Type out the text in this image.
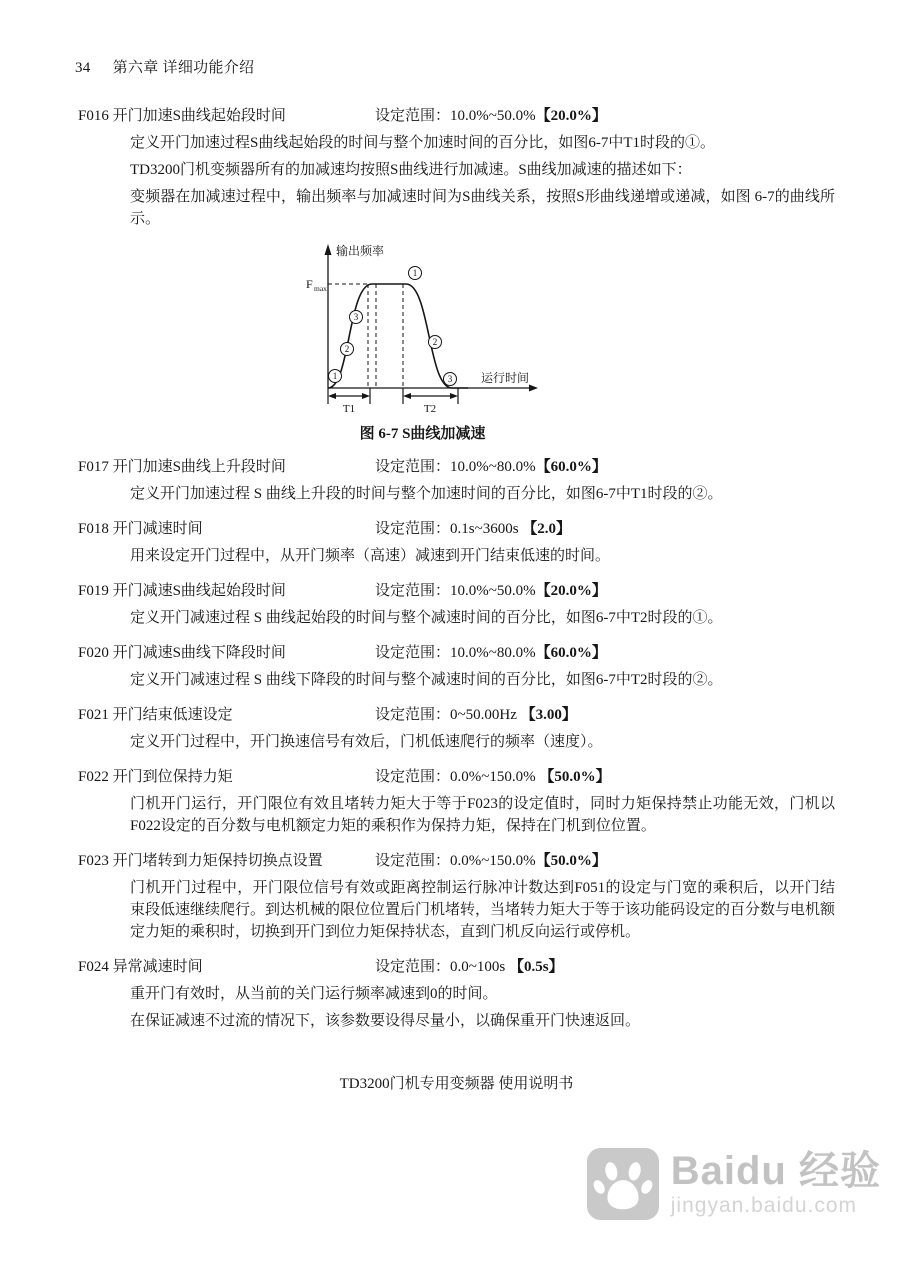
34 第六章 详细功能介绍
F016 开门加速S曲线起始段时间	设定范围：10.0%~50.0%【20.0%】
定义开门加速过程S曲线起始段的时间与整个加速时间的百分比，如图6-7中T1时段的①。
TD3200门机变频器所有的加减速均按照S曲线进行加减速。S曲线加减速的描述如下：
变频器在加减速过程中，输出频率与加减速时间为S曲线关系，按照S形曲线递增或递减，如图 6-7的曲线所示。
输出频率
运行时间
F max
1
2
3
1
2
3
T1	T2
图 6-7 S曲线加减速
F017 开门加速S曲线上升段时间	设定范围：10.0%~80.0%【60.0%】
定义开门加速过程 S 曲线上升段的时间与整个加速时间的百分比，如图6-7中T1时段的②。
F018 开门减速时间	设定范围：0.1s~3600s 【2.0】
用来设定开门过程中，从开门频率（高速）减速到开门结束低速的时间。
F019 开门减速S曲线起始段时间	设定范围：10.0%~50.0%【20.0%】
定义开门减速过程 S 曲线起始段的时间与整个减速时间的百分比，如图6-7中T2时段的①。
F020 开门减速S曲线下降段时间	设定范围：10.0%~80.0%【60.0%】
定义开门减速过程 S 曲线下降段的时间与整个减速时间的百分比，如图6-7中T2时段的②。
F021 开门结束低速设定	设定范围：0~50.00Hz 【3.00】
定义开门过程中，开门换速信号有效后，门机低速爬行的频率（速度）。
F022 开门到位保持力矩	设定范围：0.0%~150.0% 【50.0%】
门机开门运行，开门限位有效且堵转力矩大于等于F023的设定值时，同时力矩保持禁止功能无效，门机以F022设定的百分数与电机额定力矩的乘积作为保持力矩，保持在门机到位位置。
F023 开门堵转到力矩保持切换点设置	设定范围：0.0%~150.0%【50.0%】
门机开门过程中，开门限位信号有效或距离控制运行脉冲计数达到F051的设定与门宽的乘积后，以开门结束段低速继续爬行。到达机械的限位位置后门机堵转，当堵转力矩大于等于该功能码设定的百分数与电机额定力矩的乘积时，切换到开门到位力矩保持状态，直到门机反向运行或停机。
F024 异常减速时间	设定范围：0.0~100s 【0.5s】
重开门有效时，从当前的关门运行频率减速到0的时间。
在保证减速不过流的情况下，该参数要设得尽量小，以确保重开门快速返回。
TD3200门机专用变频器 使用说明书
Baidu 经验
jingyan.baidu.com
